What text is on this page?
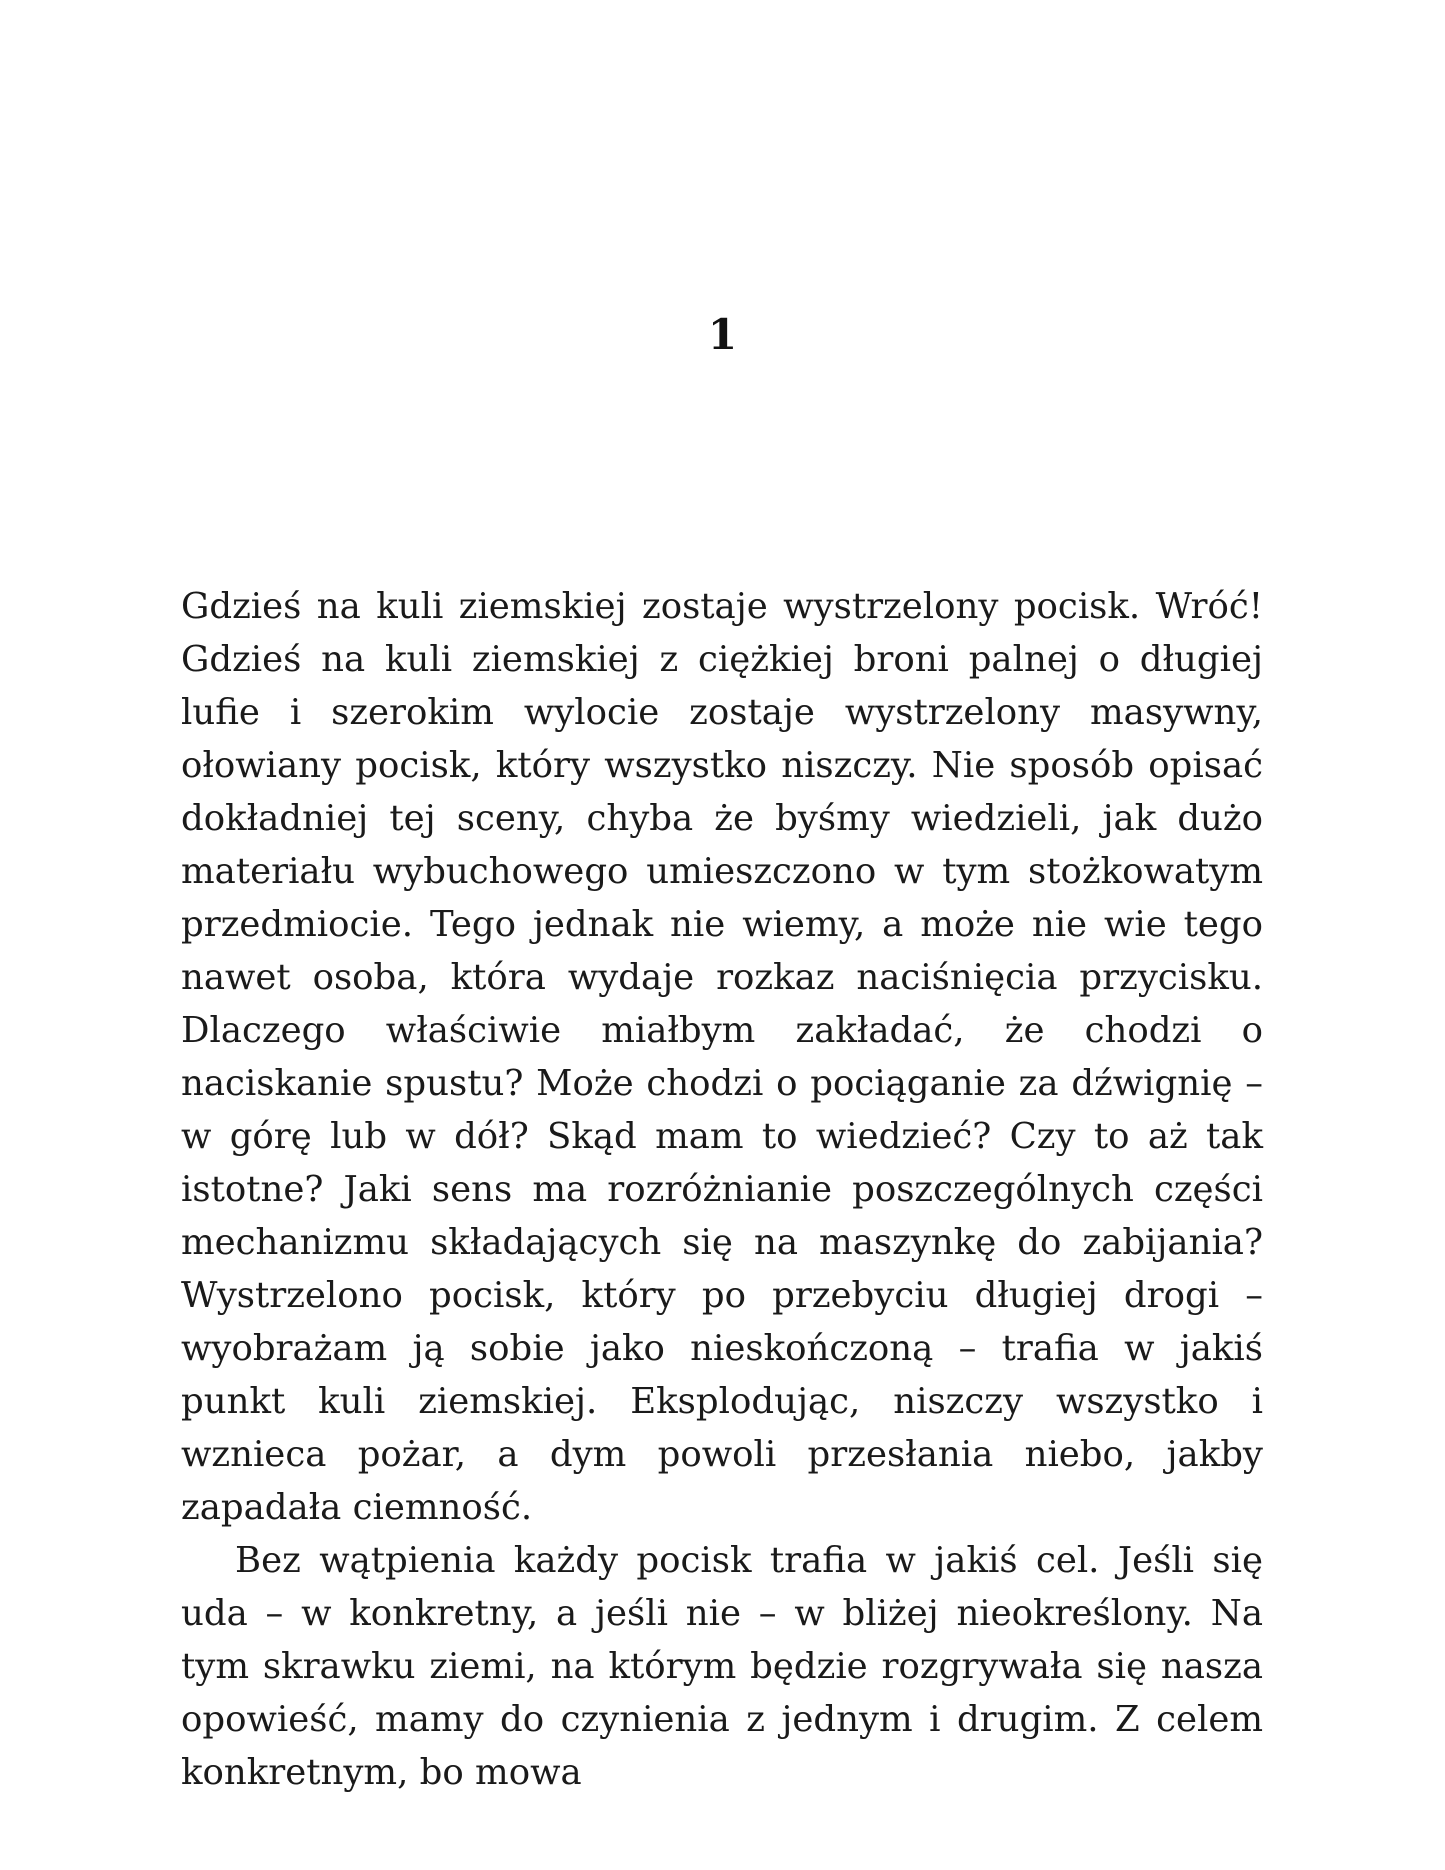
1

Gdzieś na kuli ziemskiej zostaje wystrzelony pocisk. Wróć! Gdzieś na kuli ziemskiej z ciężkiej broni palnej o długiej lufie i szerokim wylocie zostaje wystrzelony masywny, ołowiany pocisk, który wszystko niszczy. Nie sposób opisać dokładniej tej sceny, chyba że byśmy wiedzieli, jak dużo materiału wybuchowego umieszczono w tym stożkowatym przedmiocie. Tego jednak nie wiemy, a może nie wie tego nawet osoba, która wydaje rozkaz naciśnięcia przycisku. Dlaczego właściwie miałbym zakładać, że chodzi o naciskanie spustu? Może chodzi o pociąganie za dźwignię – w górę lub w dół? Skąd mam to wiedzieć? Czy to aż tak istotne? Jaki sens ma rozróżnianie poszczególnych części mechanizmu składających się na maszynkę do zabijania? Wystrzelono pocisk, który po przebyciu długiej drogi – wyobrażam ją sobie jako nieskończoną – trafia w jakiś punkt kuli ziemskiej. Eksplodując, niszczy wszystko i wznieca pożar, a dym powoli przesłania niebo, jakby zapadała ciemność.

Bez wątpienia każdy pocisk trafia w jakiś cel. Jeśli się uda – w konkretny, a jeśli nie – w bliżej nieokreślony. Na tym skrawku ziemi, na którym będzie rozgrywała się nasza opowieść, mamy do czynienia z jednym i drugim. Z celem konkretnym, bo mowa
